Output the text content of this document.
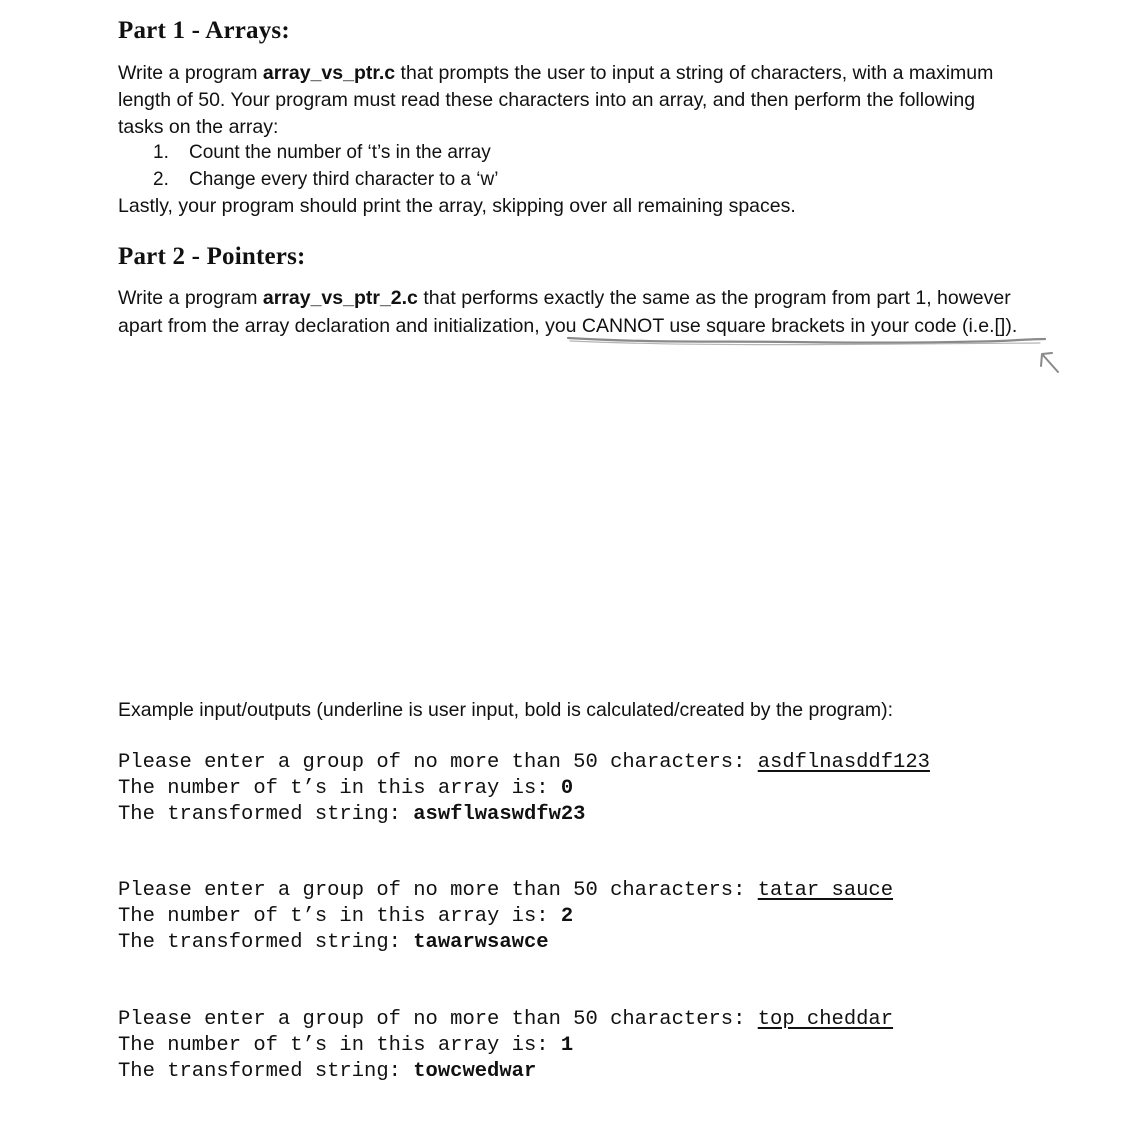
Part 1 - Arrays:
Write a program array_vs_ptr.c that prompts the user to input a string of characters, with a maximum
length of 50. Your program must read these characters into an array, and then perform the following
tasks on the array:
1. Count the number of ‘t’s in the array
2. Change every third character to a ‘w’
Lastly, your program should print the array, skipping over all remaining spaces.
Part 2 - Pointers:
Write a program array_vs_ptr_2.c that performs exactly the same as the program from part 1, however
apart from the array declaration and initialization, you CANNOT use square brackets in your code (i.e.[]).
Example input/outputs (underline is user input, bold is calculated/created by the program):
Please enter a group of no more than 50 characters: asdflnasddf123
The number of t’s in this array is: 0
The transformed string: aswflwaswdfw23
Please enter a group of no more than 50 characters: tatar sauce
The number of t’s in this array is: 2
The transformed string: tawarwsawce
Please enter a group of no more than 50 characters: top cheddar
The number of t’s in this array is: 1
The transformed string: towcwedwar
